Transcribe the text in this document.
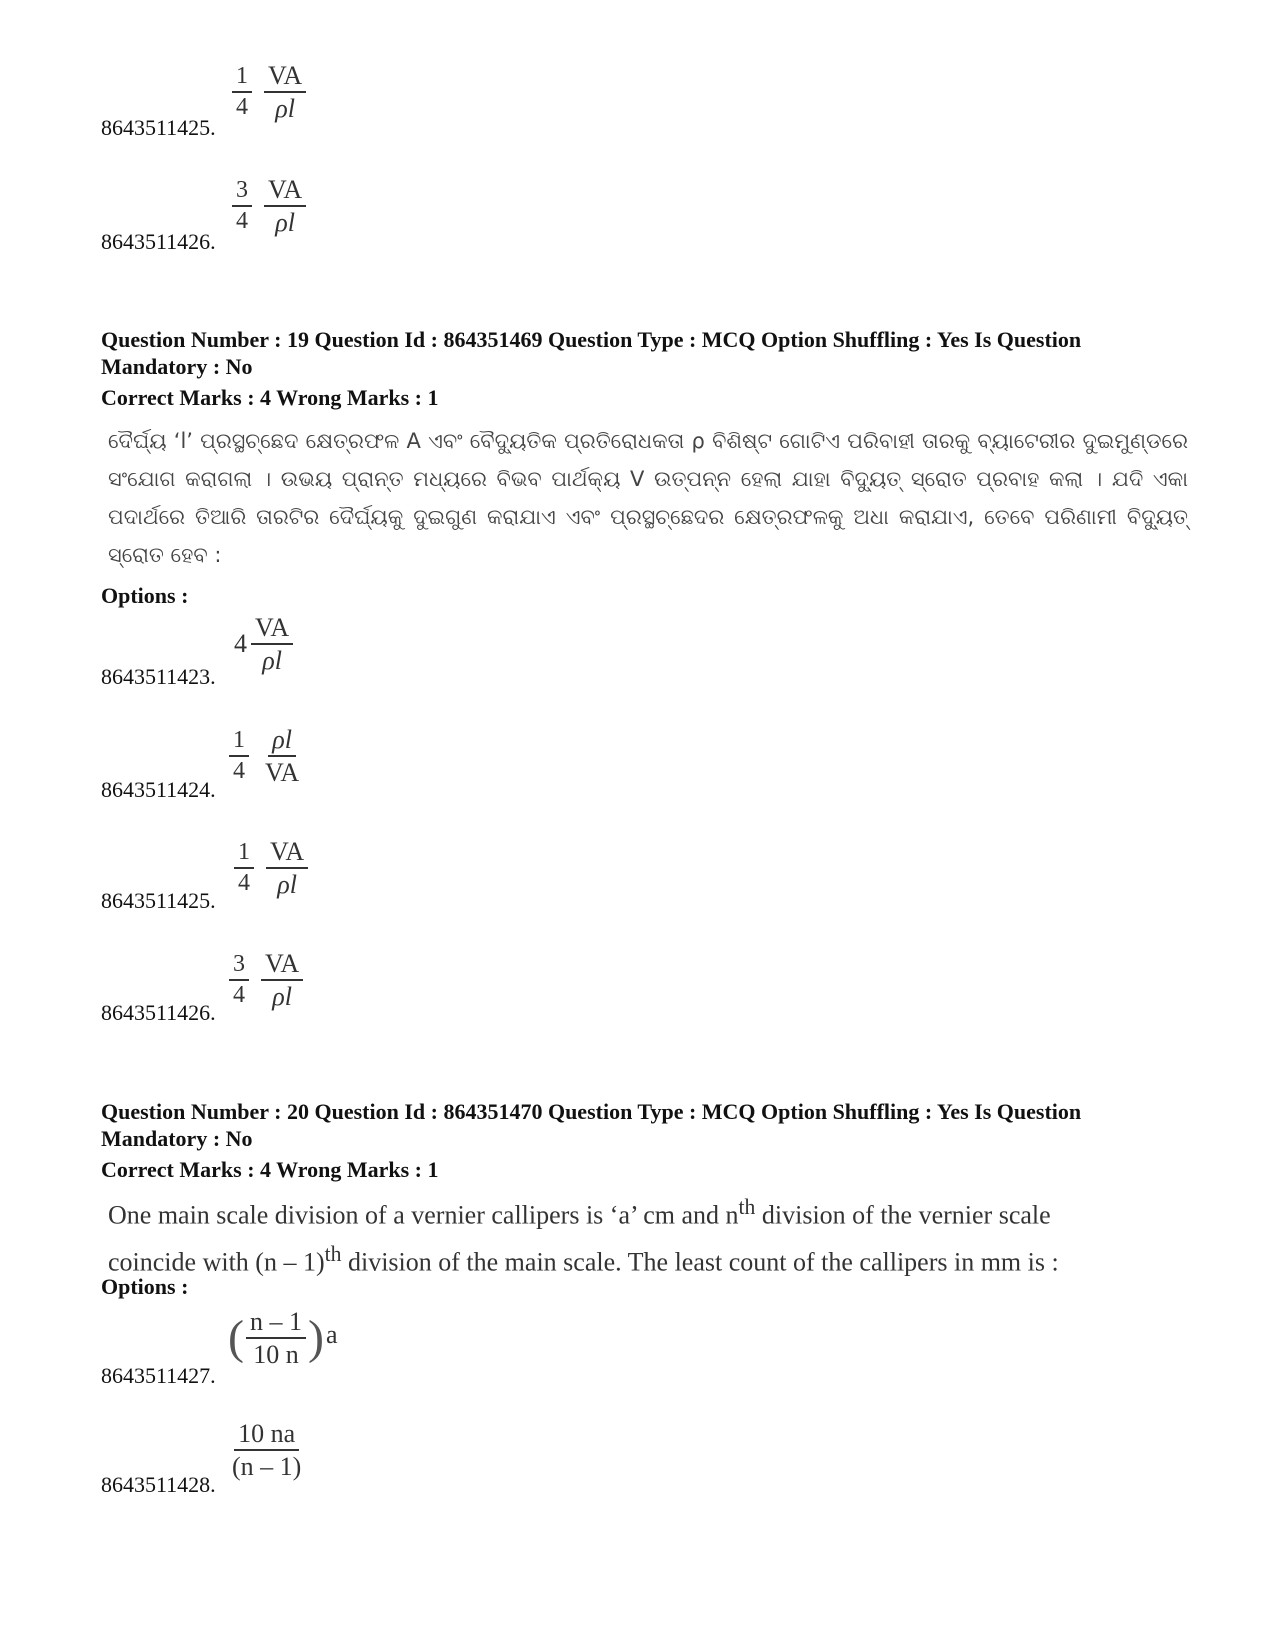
$\frac{1}{4} \frac{VA}{\rho l}$
8643511425.
$\frac{3}{4} \frac{VA}{\rho l}$
8643511426.
Question Number : 19 Question Id : 864351469 Question Type : MCQ Option Shuffling : Yes Is Question
Mandatory : No
Correct Marks : 4 Wrong Marks : 1
ଦୈର୍ଘ୍ୟ ‘l’ ପ୍ରସ୍ଥଚ୍ଛେଦ କ୍ଷେତ୍ରଫଳ A ଏବଂ ବୈଦ୍ୟୁତିକ ପ୍ରତିରୋଧକତା ρ ବିଶିଷ୍ଟ ଗୋଟିଏ ପରିବାହୀ ତାରକୁ ବ୍ୟାଟେରୀର ଦୁଇମୁଣ୍ଡରେ ସଂଯୋଗ କରାଗଲା । ଉଭୟ ପ୍ରାନ୍ତ ମଧ୍ୟରେ ବିଭବ ପାର୍ଥକ୍ୟ V ଉତ୍ପନ୍ନ ହେଲା ଯାହା ବିଦ୍ୟୁତ୍ ସ୍ରୋତ ପ୍ରବାହ କଲା । ଯଦି ଏକା ପଦାର୍ଥରେ ତିଆରି ତାରଟିର ଦୈର୍ଘ୍ୟକୁ ଦୁଇଗୁଣ କରାଯାଏ ଏବଂ ପ୍ରସ୍ଥଚ୍ଛେଦର କ୍ଷେତ୍ରଫଳକୁ ଅଧା କରାଯାଏ, ତେବେ ପରିଣାମୀ ବିଦ୍ୟୁତ୍ ସ୍ରୋତ ହେବ :
Options :
$4 \frac{VA}{\rho l}$
8643511423.
$\frac{1}{4} \frac{\rho l}{VA}$
8643511424.
$\frac{1}{4} \frac{VA}{\rho l}$
8643511425.
$\frac{3}{4} \frac{VA}{\rho l}$
8643511426.
Question Number : 20 Question Id : 864351470 Question Type : MCQ Option Shuffling : Yes Is Question
Mandatory : No
Correct Marks : 4 Wrong Marks : 1
One main scale division of a vernier callipers is ‘a’ cm and $n^{th}$ division of the vernier scale
coincide with (n – 1)$^{th}$ division of the main scale. The least count of the callipers in mm is :
Options :
( $\frac{n - 1}{10 n}$ ) a
8643511427.
$\frac{10 na}{(n - 1)}$
8643511428.
